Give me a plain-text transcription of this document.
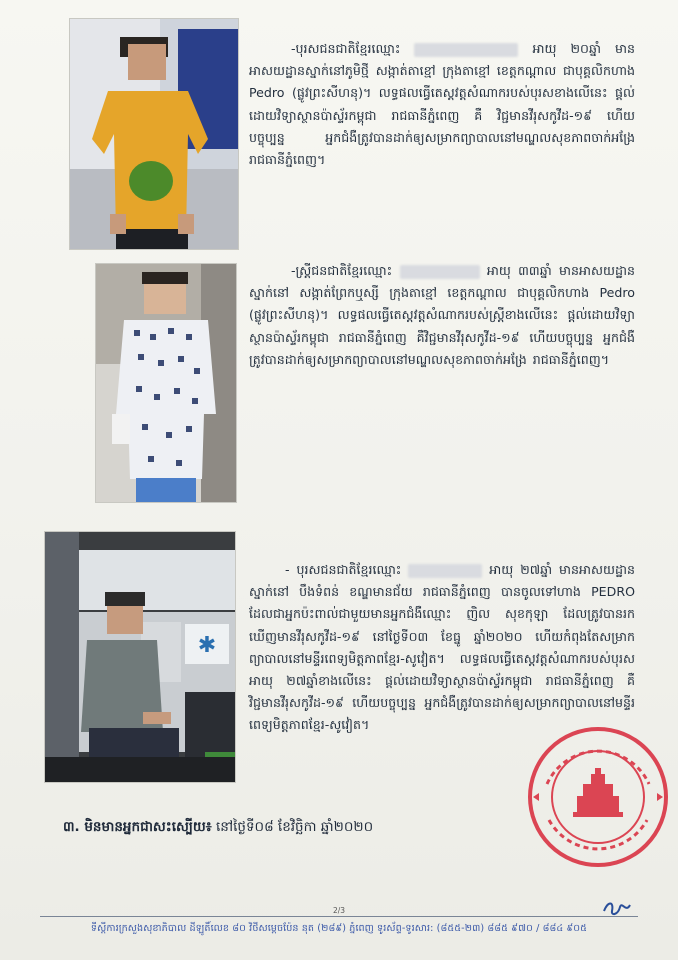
✱
-បុរសជនជាតិខ្មែរឈ្មោះ	អាយុ ២០ឆ្នាំ មានអាសយដ្ឋានស្នាក់នៅភូមិថ្មី សង្កាត់តាខ្មៅ ក្រុងតាខ្មៅ ខេត្តកណ្តាល ជាបុគ្គលិកហាង Pedro (ផ្លូវព្រះសីហនុ)។ លទ្ធផលធ្វើតេស្តវត្តសំណាករបស់បុរសខាងលើនេះ ផ្តល់ដោយវិទ្យាស្ថានប៉ាស្ទ័រកម្ពុជា រាជធានីភ្នំពេញ គឺ វិជ្ជមានវីរុសកូវីដ-១៩ ហើយបច្ចុប្បន្ន អ្នកជំងឺត្រូវបានដាក់ឲ្យសម្រាកព្យាបាលនៅមណ្ឌលសុខភាពចាក់អង្រែ រាជធានីភ្នំពេញ។
-ស្ត្រីជនជាតិខ្មែរឈ្មោះ	អាយុ ៣៣ឆ្នាំ មានអាសយដ្ឋានស្នាក់នៅ សង្កាត់ព្រែកឬស្សី ក្រុងតាខ្មៅ ខេត្តកណ្តាល ជាបុគ្គលិកហាង Pedro (ផ្លូវព្រះសីហនុ)។ លទ្ធផលធ្វើតេស្តវត្តសំណាករបស់ស្ត្រីខាងលើនេះ ផ្តល់ដោយវិទ្យាស្ថានប៉ាស្ទ័រកម្ពុជា រាជធានីភ្នំពេញ គឺវិជ្ជមានវីរុសកូវីដ-១៩ ហើយបច្ចុប្បន្ន អ្នកជំងឺត្រូវបានដាក់ឲ្យសម្រាកព្យាបាលនៅមណ្ឌលសុខភាពចាក់អង្រែ រាជធានីភ្នំពេញ។
- បុរសជនជាតិខ្មែរឈ្មោះ	អាយុ ២៧ឆ្នាំ មានអាសយដ្ឋានស្នាក់នៅ បឹងទំពន់ ខណ្ឌមានជ័យ រាជធានីភ្នំពេញ បានចូលទៅហាង PEDRO ដែលជាអ្នកប៉ះពាល់ជាមួយមានអ្នកជំងឺឈ្មោះ ញិល សុខកុឡា ដែលត្រូវបានរកឃើញមានវីរុសកូវីដ-១៩ នៅថ្ងៃទី០៣ ខែធ្នូ ឆ្នាំ២០២០ ហើយកំពុងតែសម្រាកព្យាបាលនៅមន្ទីរពេទ្យមិត្តភាពខ្មែរ-សូវៀត។ លទ្ធផលធ្វើតេស្តវត្តសំណាករបស់បុរសអាយុ ២៧ឆ្នាំខាងលើនេះ ផ្តល់ដោយវិទ្យាស្ថានប៉ាស្ទ័រកម្ពុជា រាជធានីភ្នំពេញ គឺ វិជ្ជមានវីរុសកូវីដ-១៩ ហើយបច្ចុប្បន្ន អ្នកជំងឺត្រូវបានដាក់ឲ្យសម្រាកព្យាបាលនៅមន្ទីរពេទ្យមិត្តភាពខ្មែរ-សូវៀត។
៣. មិនមានអ្នកជាសះស្បើយ៖ នៅថ្ងៃទី០៨ ខែវិច្ឆិកា ឆ្នាំ២០២០
2/3
ទីស្តីការក្រសួងសុខាភិបាល ដីឡូតិ៍លេខ ៨០ វិថីសម្តេចប៉ែន នុត (២៨៩) ភ្នំពេញ ទូរស័ព្ទ-ទូរសារ: (៨៥៥-២៣) ៨៨៥ ៩៧០ / ៨៨៤ ៩០៥
